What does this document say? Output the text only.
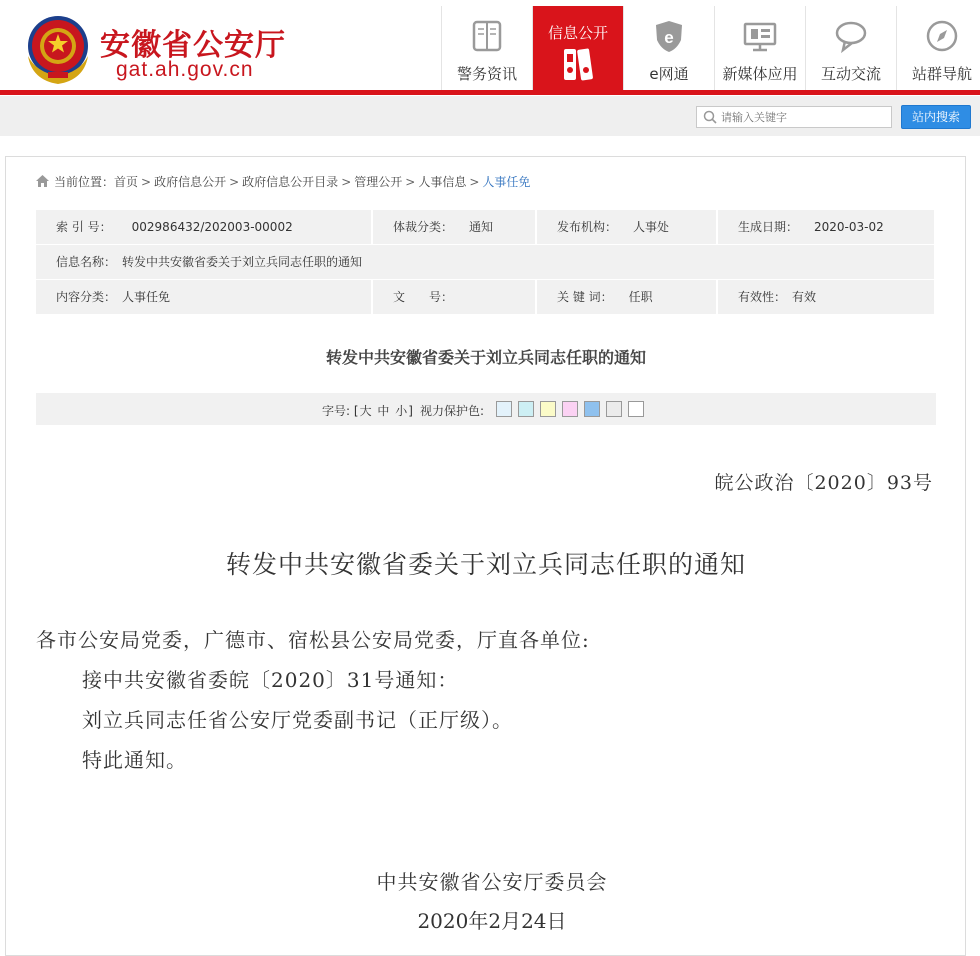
安徽省公安厅
gat.ah.gov.cn	警务资讯
信息公开	e
e网通	新媒体应用	互动交流	站群导航
请输入关键字
站内搜索
当前位置：首页 > 政府信息公开 > 政府信息公开目录 > 管理公开 > 人事信息 > 人事任免
索 引 号： 002986432/202003-00002	体裁分类： 通知	发布机构： 人事处	生成日期： 2020-03-02
信息名称： 转发中共安徽省委关于刘立兵同志任职的通知
内容分类： 人事任免	文　　号：	关 键 词： 任职	有效性： 有效
转发中共安徽省委关于刘立兵同志任职的通知
字号: [大 中 小] 视力保护色:
皖公政治〔2020〕93号
转发中共安徽省委关于刘立兵同志任职的通知

各市公安局党委，广德市、宿松县公安局党委，厅直各单位:

接中共安徽省委皖〔2020〕31号通知：

刘立兵同志任省公安厅党委副书记（正厅级）。

特此通知。

中共安徽省公安厅委员会
2020年2月24日
